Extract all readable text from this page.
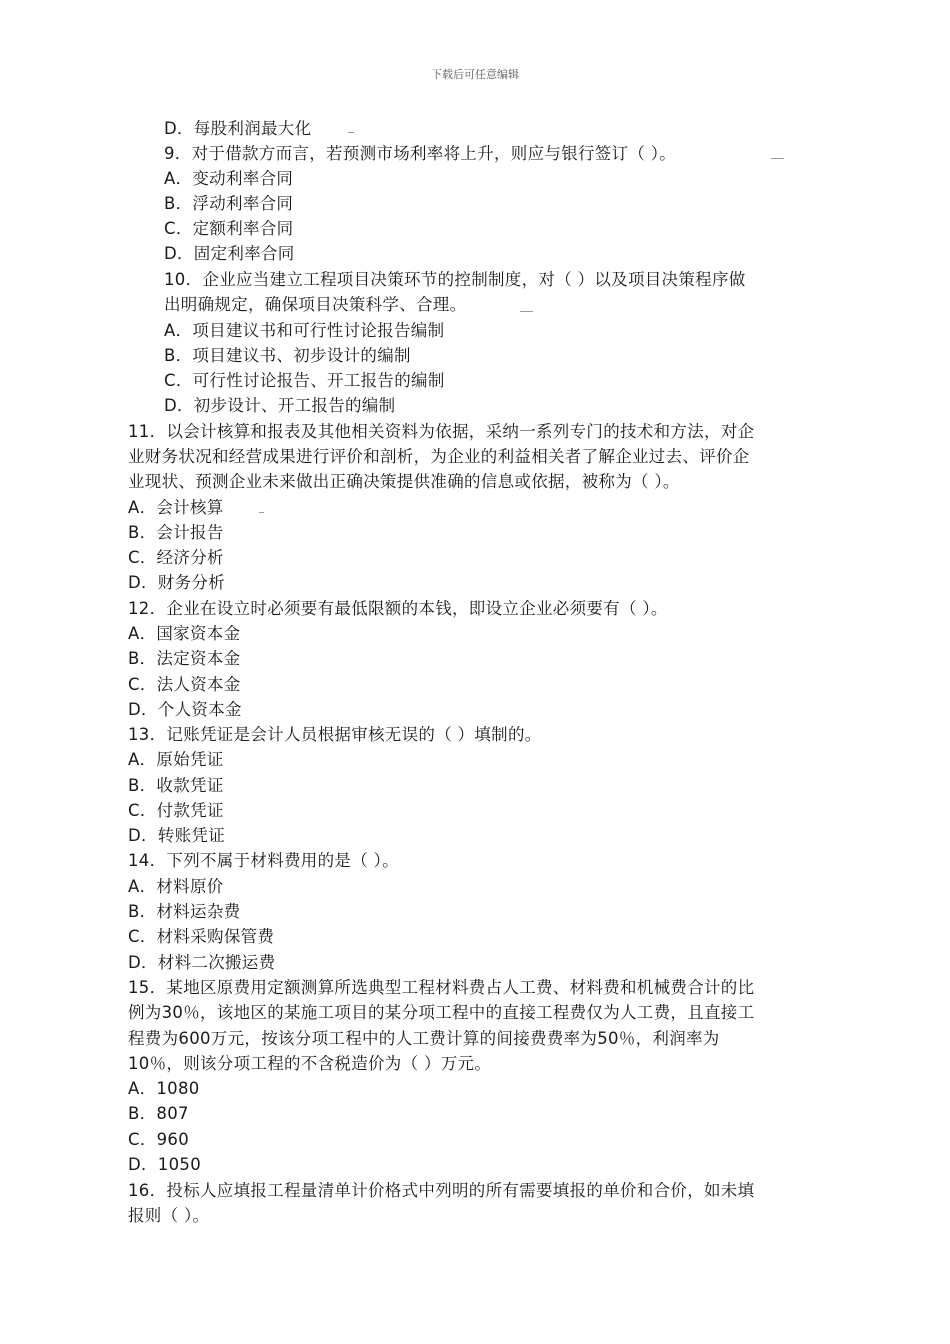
下载后可任意编辑
D．每股利润最大化
9．对于借款方而言，若预测市场利率将上升，则应与银行签订（ ）。
A．变动利率合同
B．浮动利率合同
C．定额利率合同
D．固定利率合同
10．企业应当建立工程项目决策环节的控制制度，对（ ）以及项目决策程序做
出明确规定，确保项目决策科学、合理。
A．项目建议书和可行性讨论报告编制
B．项目建议书、初步设计的编制
C．可行性讨论报告、开工报告的编制
D．初步设计、开工报告的编制
11．以会计核算和报表及其他相关资料为依据，采纳一系列专门的技术和方法，对企
业财务状况和经营成果进行评价和剖析，为企业的利益相关者了解企业过去、评价企
业现状、预测企业未来做出正确决策提供准确的信息或依据，被称为（ ）。
A．会计核算
B．会计报告
C．经济分析
D．财务分析
12．企业在设立时必须要有最低限额的本钱，即设立企业必须要有（ ）。
A．国家资本金
B．法定资本金
C．法人资本金
D．个人资本金
13．记账凭证是会计人员根据审核无误的（ ）填制的。
A．原始凭证
B．收款凭证
C．付款凭证
D．转账凭证
14．下列不属于材料费用的是（ ）。
A．材料原价
B．材料运杂费
C．材料采购保管费
D．材料二次搬运费
15．某地区原费用定额测算所选典型工程材料费占人工费、材料费和机械费合计的比
例为30％，该地区的某施工项目的某分项工程中的直接工程费仅为人工费，且直接工
程费为600万元，按该分项工程中的人工费计算的间接费费率为50％，利润率为
10％，则该分项工程的不含税造价为（ ）万元。
A．1080
B．807
C．960
D．1050
16．投标人应填报工程量清单计价格式中列明的所有需要填报的单价和合价，如未填
报则（ ）。
